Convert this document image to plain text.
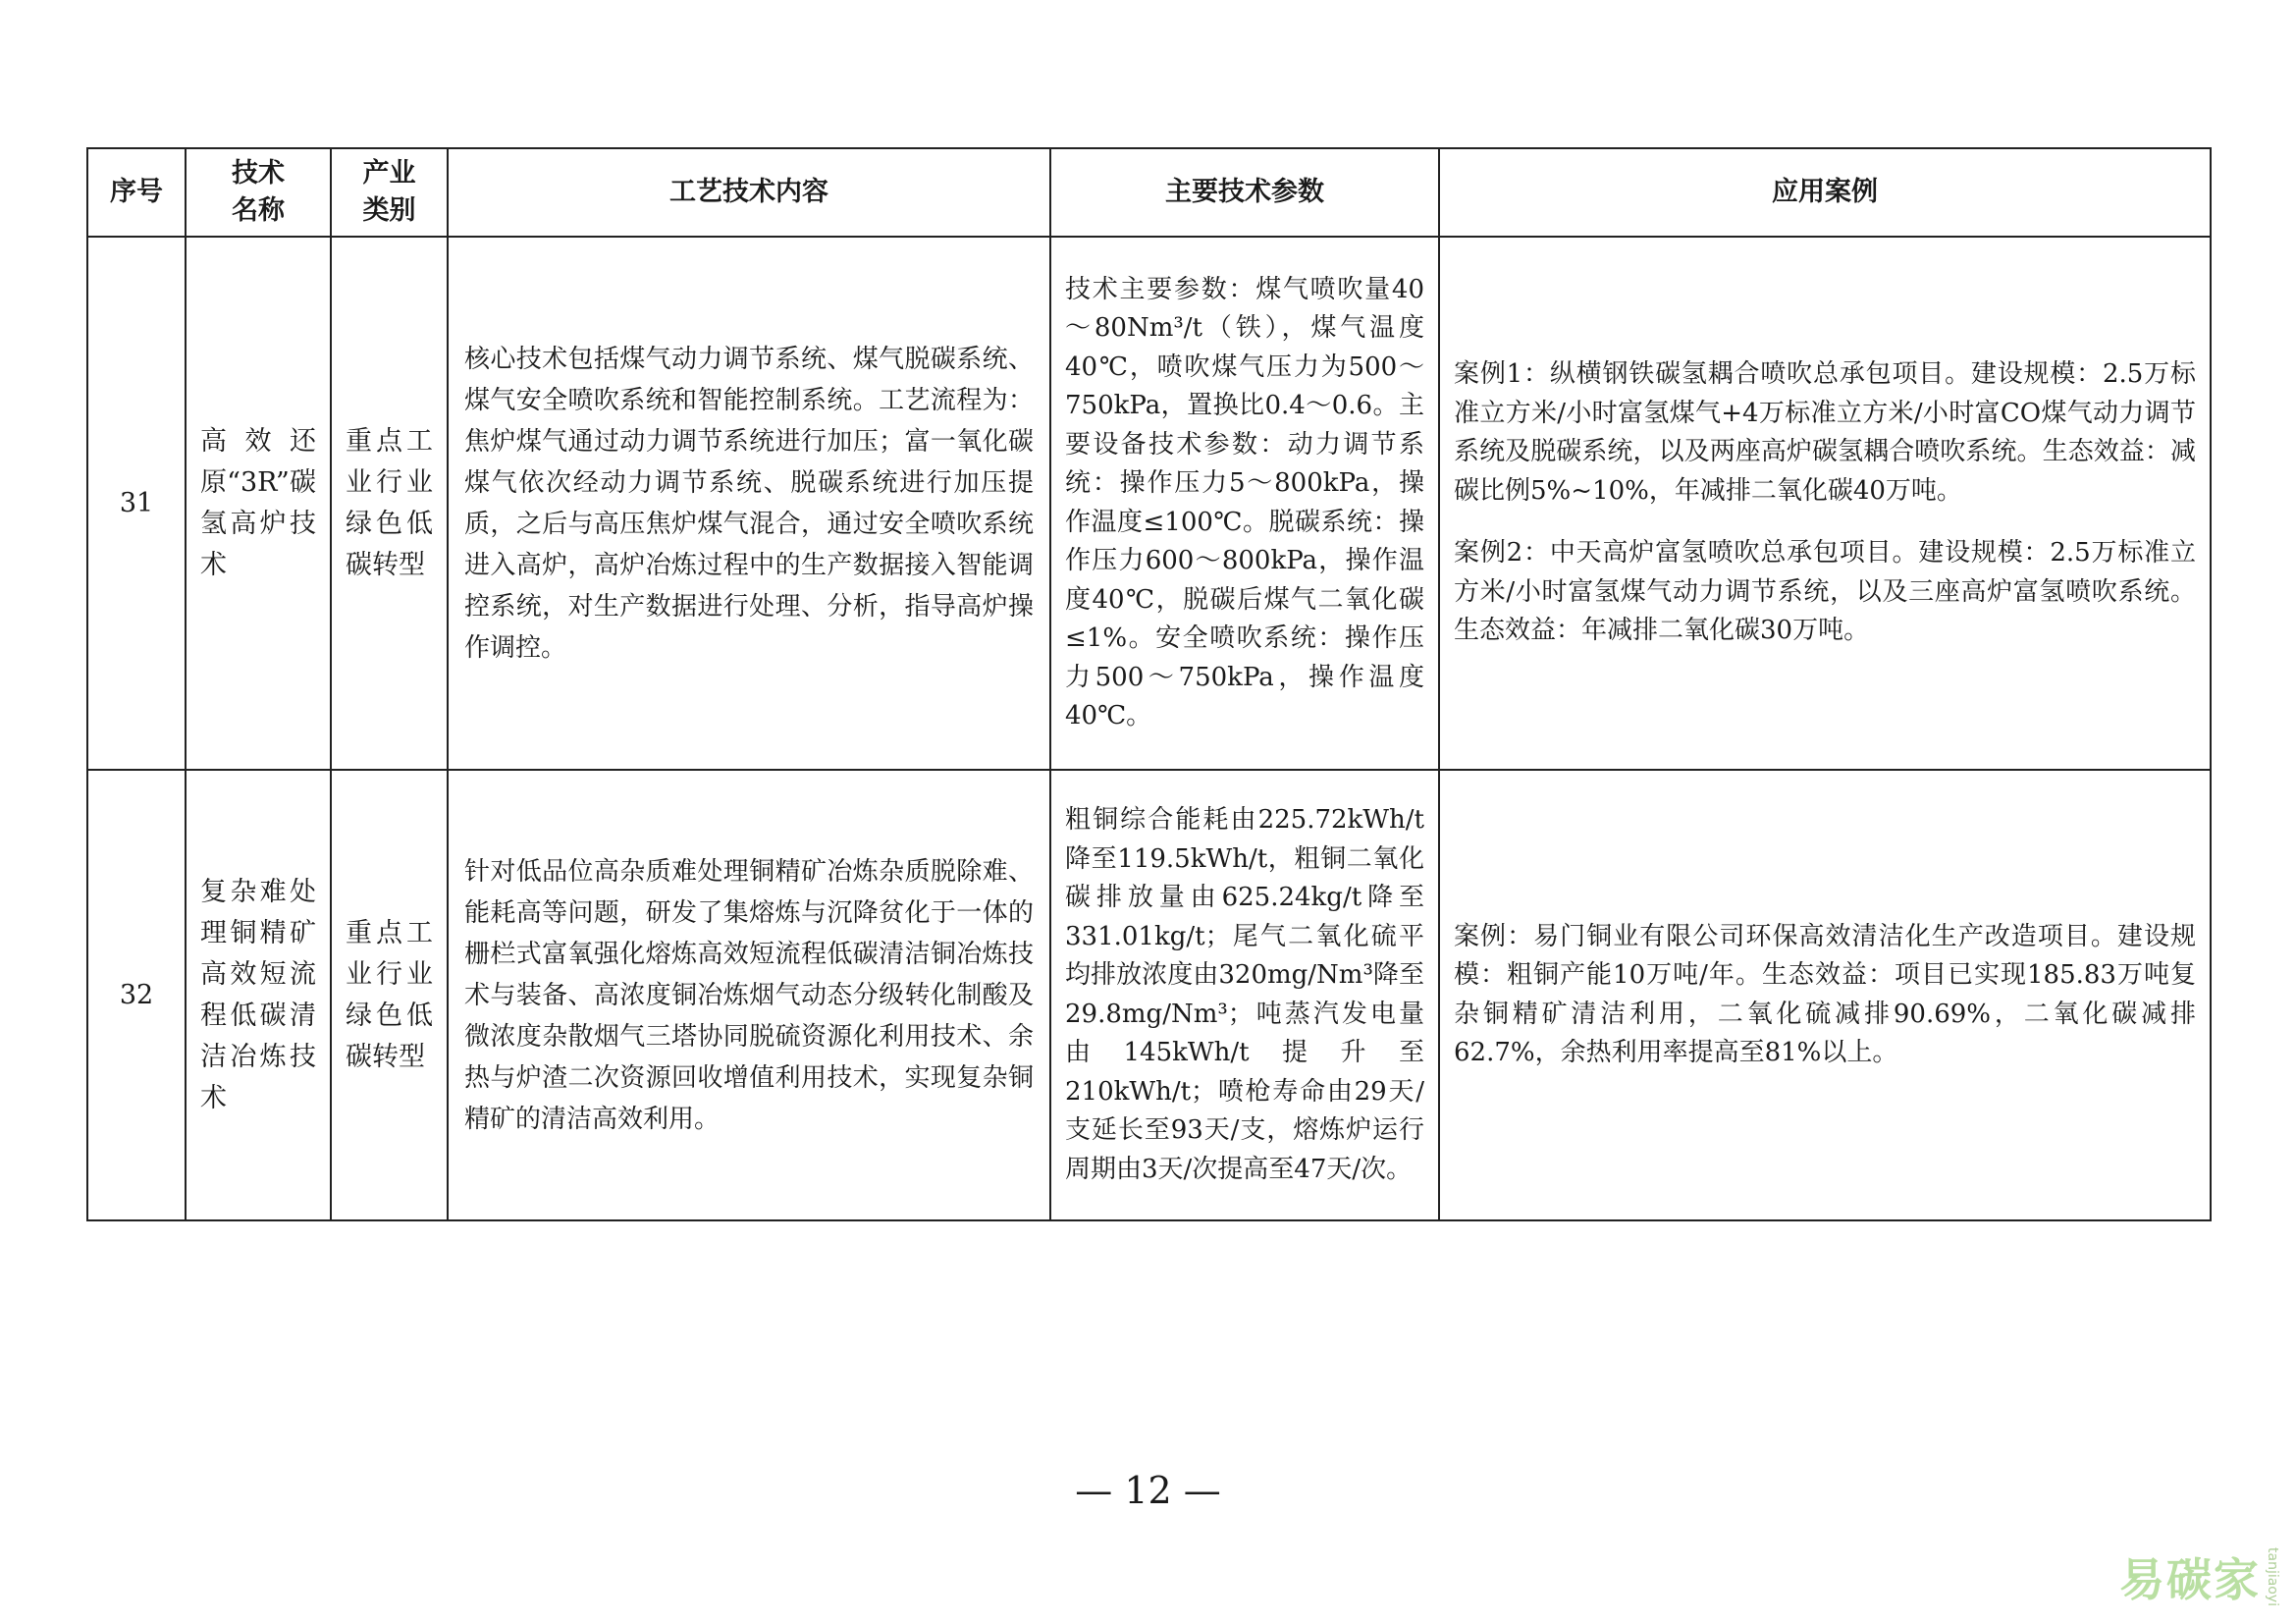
序号	技术名称	产业类别	工艺技术内容	主要技术参数	应用案例
31	高效还原“3R”碳氢高炉技术	重点工业行业绿色低碳转型	核心技术包括煤气动力调节系统、煤气脱碳系统、煤气安全喷吹系统和智能控制系统。工艺流程为：焦炉煤气通过动力调节系统进行加压；富一氧化碳煤气依次经动力调节系统、脱碳系统进行加压提质，之后与高压焦炉煤气混合，通过安全喷吹系统进入高炉，高炉冶炼过程中的生产数据接入智能调控系统，对生产数据进行处理、分析，指导高炉操作调控。	技术主要参数：煤气喷吹量40～80Nm³/t（铁），煤气温度40℃，喷吹煤气压力为500～750kPa，置换比0.4～0.6。主要设备技术参数：动力调节系统：操作压力5～800kPa，操作温度≤100℃。脱碳系统：操作压力600～800kPa，操作温度40℃，脱碳后煤气二氧化碳≤1%。安全喷吹系统：操作压力500～750kPa，操作温度40℃。	案例1：纵横钢铁碳氢耦合喷吹总承包项目。建设规模：2.5万标准立方米/小时富氢煤气+4万标准立方米/小时富CO煤气动力调节系统及脱碳系统，以及两座高炉碳氢耦合喷吹系统。生态效益：减碳比例5%~10%，年减排二氧化碳40万吨。

案例2：中天高炉富氢喷吹总承包项目。建设规模：2.5万标准立方米/小时富氢煤气动力调节系统，以及三座高炉富氢喷吹系统。生态效益：年减排二氧化碳30万吨。

32	复杂难处理铜精矿高效短流程低碳清洁冶炼技术	重点工业行业绿色低碳转型	针对低品位高杂质难处理铜精矿冶炼杂质脱除难、能耗高等问题，研发了集熔炼与沉降贫化于一体的栅栏式富氧强化熔炼高效短流程低碳清洁铜冶炼技术与装备、高浓度铜冶炼烟气动态分级转化制酸及微浓度杂散烟气三塔协同脱硫资源化利用技术、余热与炉渣二次资源回收增值利用技术，实现复杂铜精矿的清洁高效利用。	粗铜综合能耗由225.72kWh/t降至119.5kWh/t，粗铜二氧化碳排放量由625.24kg/t降至331.01kg/t；尾气二氧化硫平均排放浓度由320mg/Nm³降至29.8mg/Nm³；吨蒸汽发电量由145kWh/t提升至210kWh/t；喷枪寿命由29天/支延长至93天/支，熔炼炉运行周期由3天/次提高至47天/次。	案例：易门铜业有限公司环保高效清洁化生产改造项目。建设规模：粗铜产能10万吨/年。生态效益：项目已实现185.83万吨复杂铜精矿清洁利用，二氧化硫减排90.69%，二氧化碳减排62.7%，余热利用率提高至81%以上。

— 12 —
易碳家 tanjiaoyi
